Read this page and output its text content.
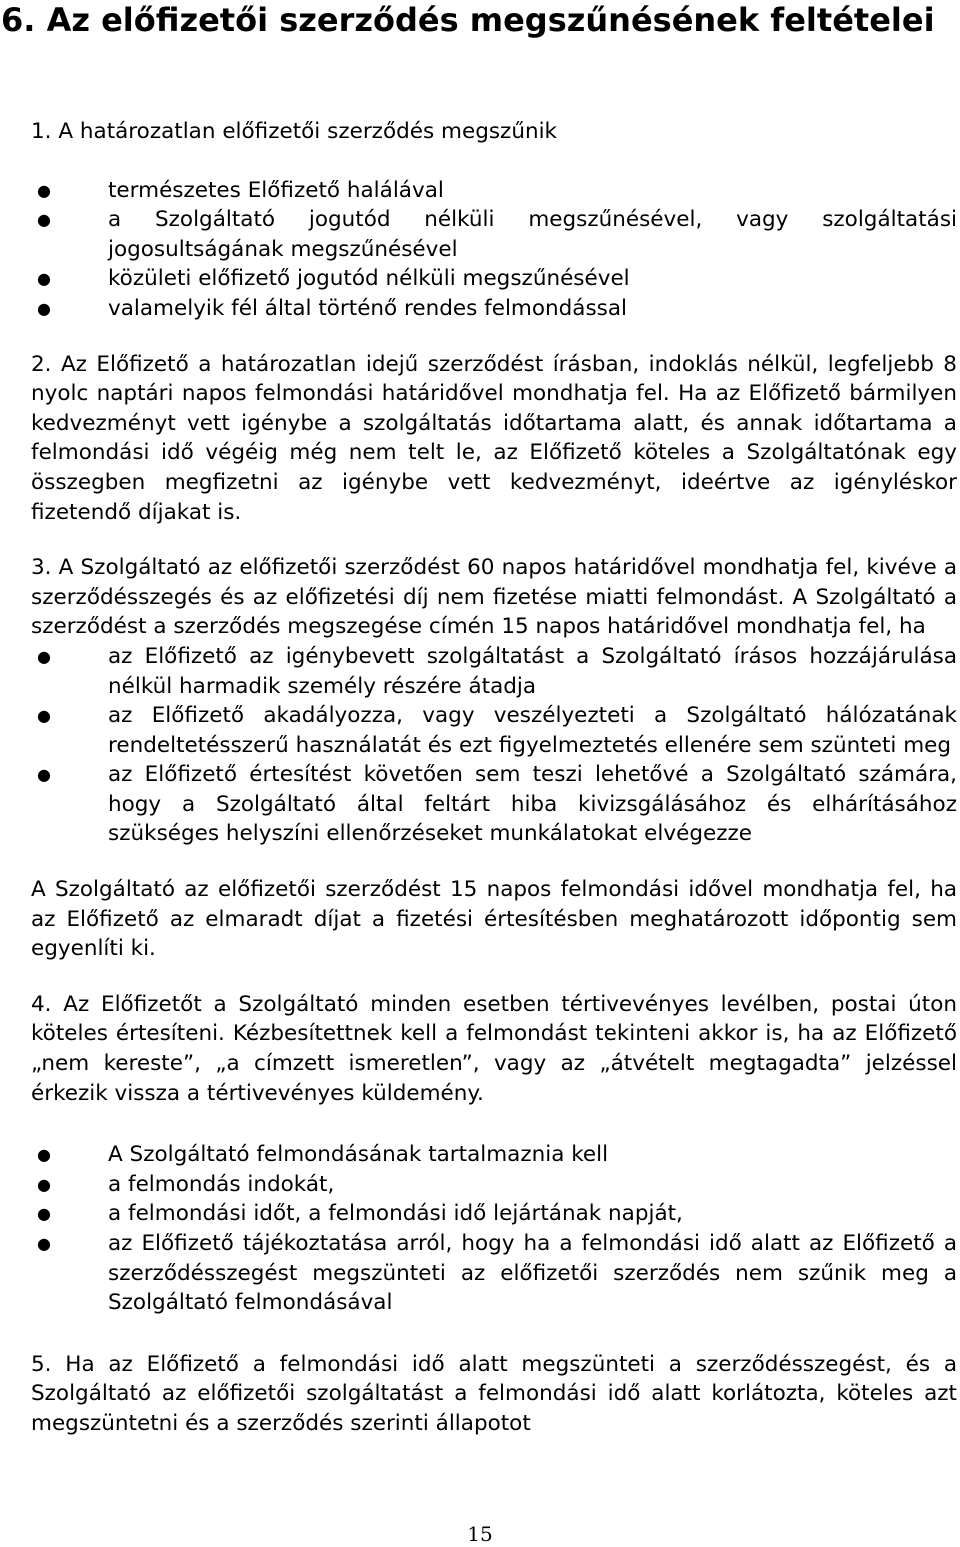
6. Az előfizetői szerződés megszűnésének feltételei

1. A határozatlan előfizetői szerződés megszűnik

●	természetes Előfizető halálával
●	a Szolgáltató jogutód nélküli megszűnésével, vagy szolgáltatási jogosultságának megszűnésével
●	közületi előfizető jogutód nélküli megszűnésével
●	valamelyik fél által történő rendes felmondással

2. Az Előfizető a határozatlan idejű szerződést írásban, indoklás nélkül, legfeljebb 8 nyolc naptári napos felmondási határidővel mondhatja fel. Ha az Előfizető bármilyen kedvezményt vett igénybe a szolgáltatás időtartama alatt, és annak időtartama a felmondási idő végéig még nem telt le, az Előfizető köteles a Szolgáltatónak egy összegben megfizetni az igénybe vett kedvezményt, ideértve az igényléskor fizetendő díjakat is.

3. A Szolgáltató az előfizetői szerződést 60 napos határidővel mondhatja fel, kivéve a szerződésszegés és az előfizetési díj nem fizetése miatti felmondást. A Szolgáltató a szerződést a szerződés megszegése címén 15 napos határidővel mondhatja fel, ha

●	az Előfizető az igénybevett szolgáltatást a Szolgáltató írásos hozzájárulása nélkül harmadik személy részére átadja
●	az Előfizető akadályozza, vagy veszélyezteti a Szolgáltató hálózatának rendeltetésszerű használatát és ezt figyelmeztetés ellenére sem szünteti meg
●	az Előfizető értesítést követően sem teszi lehetővé a Szolgáltató számára, hogy a Szolgáltató által feltárt hiba kivizsgálásához és elhárításához szükséges helyszíni ellenőrzéseket munkálatokat elvégezze

A Szolgáltató az előfizetői szerződést 15 napos felmondási idővel mondhatja fel, ha az Előfizető az elmaradt díjat a fizetési értesítésben meghatározott időpontig sem egyenlíti ki.

4. Az Előfizetőt a Szolgáltató minden esetben tértivevényes levélben, postai úton köteles értesíteni. Kézbesítettnek kell a felmondást tekinteni akkor is, ha az Előfizető „nem kereste”, „a címzett ismeretlen”, vagy az „átvételt megtagadta” jelzéssel érkezik vissza a tértivevényes küldemény.

●	A Szolgáltató felmondásának tartalmaznia kell
●	a felmondás indokát,
●	a felmondási időt, a felmondási idő lejártának napját,
●	az Előfizető tájékoztatása arról, hogy ha a felmondási idő alatt az Előfizető a szerződésszegést megszünteti az előfizetői szerződés nem szűnik meg a Szolgáltató felmondásával

5. Ha az Előfizető a felmondási idő alatt megszünteti a szerződésszegést, és a Szolgáltató az előfizetői szolgáltatást a felmondási idő alatt korlátozta, köteles azt megszüntetni és a szerződés szerinti állapotot

15
